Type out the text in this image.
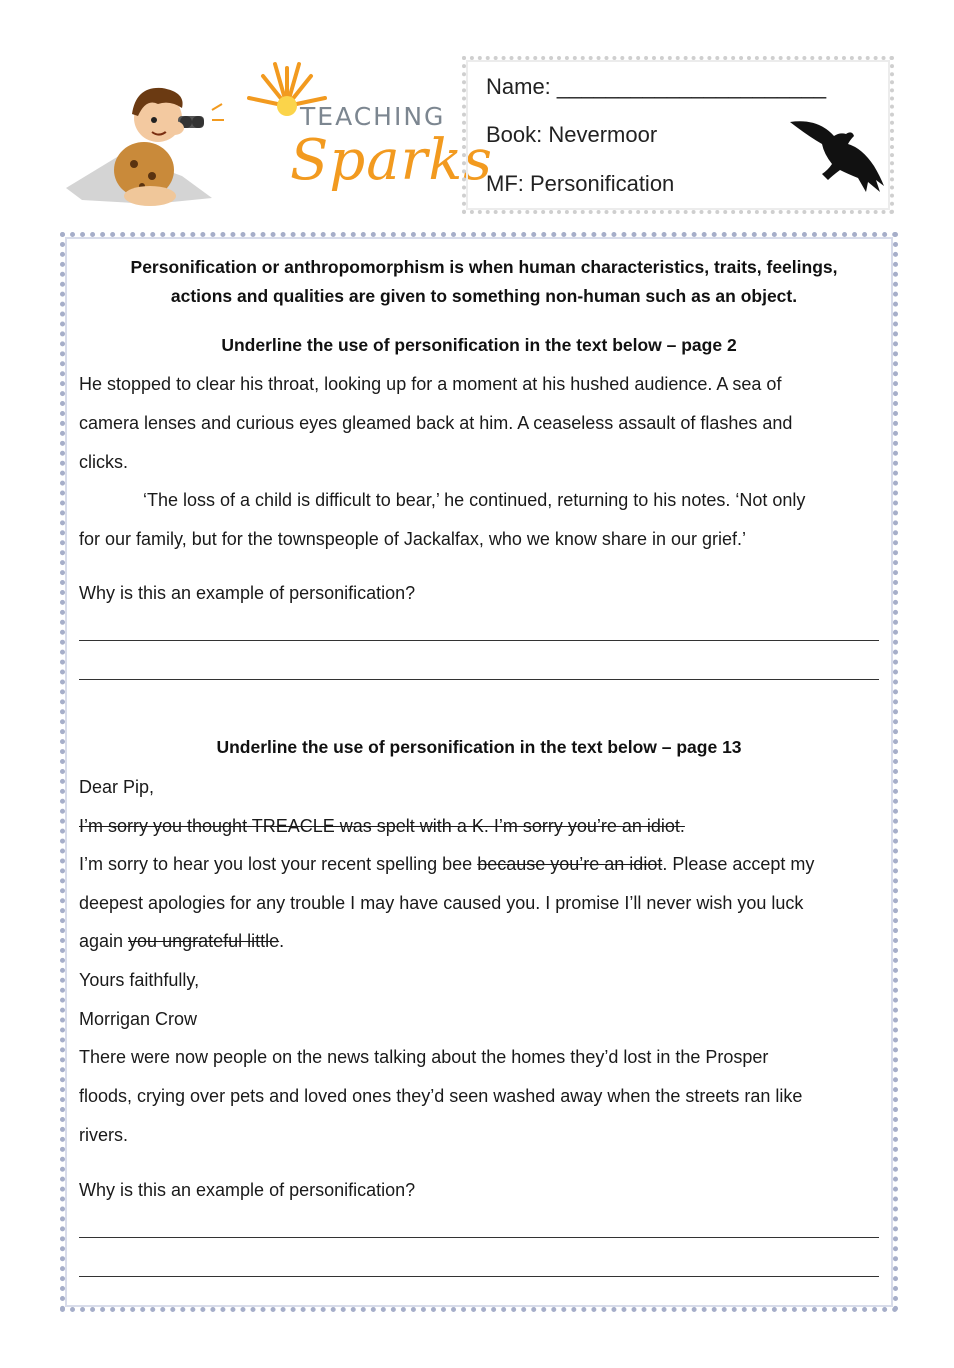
TEACHING
Sparks
Name: ______________________
Book: Nevermoor
MF: Personification
Personification or anthropomorphism is when human characteristics, traits, feelings, actions and qualities are given to something non-human such as an object.
Underline the use of personification in the text below – page 2
He stopped to clear his throat, looking up for a moment at his hushed audience. A sea of
camera lenses and curious eyes gleamed back at him. A ceaseless assault of flashes and
clicks.
‘The loss of a child is difficult to bear,’ he continued, returning to his notes. ‘Not only
for our family, but for the townspeople of Jackalfax, who we know share in our grief.’
Why is this an example of personification?
Underline the use of personification in the text below – page 13
Dear Pip,
I’m sorry you thought TREACLE was spelt with a K. I’m sorry you’re an idiot.
I’m sorry to hear you lost your recent spelling bee because you’re an idiot. Please accept my
deepest apologies for any trouble I may have caused you. I promise I’ll never wish you luck
again you ungrateful little.
Yours faithfully,
Morrigan Crow
There were now people on the news talking about the homes they’d lost in the Prosper
floods, crying over pets and loved ones they’d seen washed away when the streets ran like
rivers.
Why is this an example of personification?
